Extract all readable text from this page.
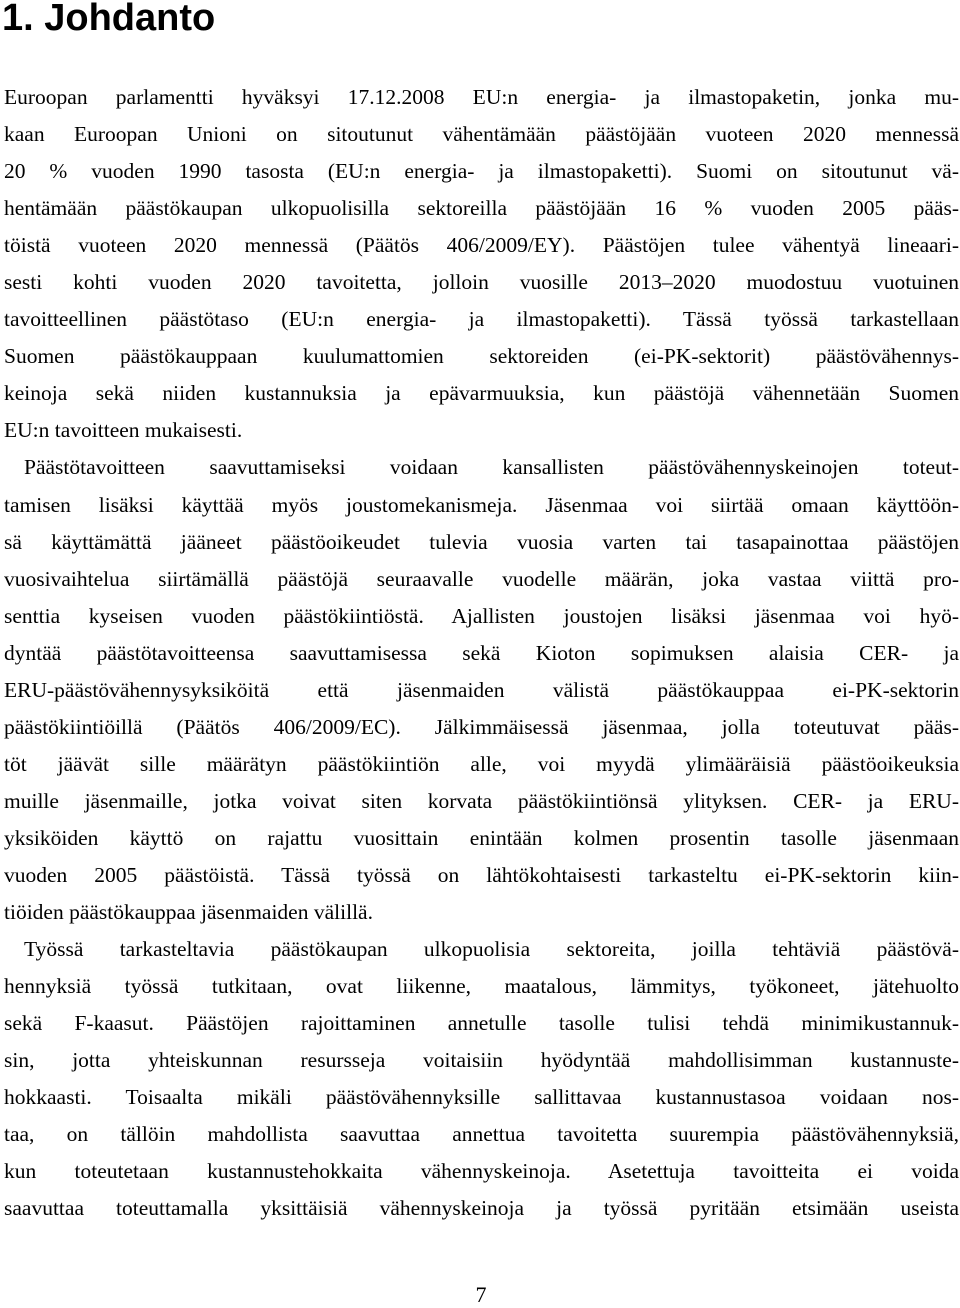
1. Johdanto
Euroopan parlamentti hyväksyi 17.12.2008 EU:n energia- ja ilmastopaketin, jonka mu-
kaan Euroopan Unioni on sitoutunut vähentämään päästöjään vuoteen 2020 mennessä
20 % vuoden 1990 tasosta (EU:n energia- ja ilmastopaketti). Suomi on sitoutunut vä-
hentämään päästökaupan ulkopuolisilla sektoreilla päästöjään 16 % vuoden 2005 pääs-
töistä vuoteen 2020 mennessä (Päätös 406/2009/EY). Päästöjen tulee vähentyä lineaari-
sesti kohti vuoden 2020 tavoitetta, jolloin vuosille 2013–2020 muodostuu vuotuinen
tavoitteellinen päästötaso (EU:n energia- ja ilmastopaketti). Tässä työssä tarkastellaan
Suomen päästökauppaan kuulumattomien sektoreiden (ei-PK-sektorit) päästövähennys-
keinoja sekä niiden kustannuksia ja epävarmuuksia, kun päästöjä vähennetään Suomen
EU:n tavoitteen mukaisesti.
Päästötavoitteen saavuttamiseksi voidaan kansallisten päästövähennyskeinojen toteut-
tamisen lisäksi käyttää myös joustomekanismeja. Jäsenmaa voi siirtää omaan käyttöön-
sä käyttämättä jääneet päästöoikeudet tulevia vuosia varten tai tasapainottaa päästöjen
vuosivaihtelua siirtämällä päästöjä seuraavalle vuodelle määrän, joka vastaa viittä pro-
senttia kyseisen vuoden päästökiintiöstä. Ajallisten joustojen lisäksi jäsenmaa voi hyö-
dyntää päästötavoitteensa saavuttamisessa sekä Kioton sopimuksen alaisia CER- ja
ERU-päästövähennysyksiköitä että jäsenmaiden välistä päästökauppaa ei-PK-sektorin
päästökiintiöillä (Päätös 406/2009/EC). Jälkimmäisessä jäsenmaa, jolla toteutuvat pääs-
töt jäävät sille määrätyn päästökiintiön alle, voi myydä ylimääräisiä päästöoikeuksia
muille jäsenmaille, jotka voivat siten korvata päästökiintiönsä ylityksen. CER- ja ERU-
yksiköiden käyttö on rajattu vuosittain enintään kolmen prosentin tasolle jäsenmaan
vuoden 2005 päästöistä. Tässä työssä on lähtökohtaisesti tarkasteltu ei-PK-sektorin kiin-
tiöiden päästökauppaa jäsenmaiden välillä.
Työssä tarkasteltavia päästökaupan ulkopuolisia sektoreita, joilla tehtäviä päästövä-
hennyksiä työssä tutkitaan, ovat liikenne, maatalous, lämmitys, työkoneet, jätehuolto
sekä F-kaasut. Päästöjen rajoittaminen annetulle tasolle tulisi tehdä minimikustannuk-
sin, jotta yhteiskunnan resursseja voitaisiin hyödyntää mahdollisimman kustannuste-
hokkaasti. Toisaalta mikäli päästövähennyksille sallittavaa kustannustasoa voidaan nos-
taa, on tällöin mahdollista saavuttaa annettua tavoitetta suurempia päästövähennyksiä,
kun toteutetaan kustannustehokkaita vähennyskeinoja. Asetettuja tavoitteita ei voida
saavuttaa toteuttamalla yksittäisiä vähennyskeinoja ja työssä pyritään etsimään useista

7
